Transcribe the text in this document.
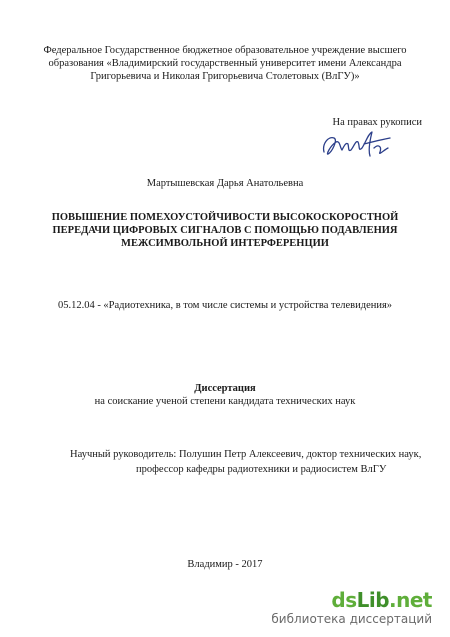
Федеральное Государственное бюджетное образовательное учреждение высшего
образования «Владимирский государственный университет имени Александра
Григорьевича и Николая Григорьевича Столетовых (ВлГУ)»
На правах рукописи
Мартышевская Дарья Анатольевна
ПОВЫШЕНИЕ ПОМЕХОУСТОЙЧИВОСТИ ВЫСОКОСКОРОСТНОЙ
ПЕРЕДАЧИ ЦИФРОВЫХ СИГНАЛОВ С ПОМОЩЬЮ ПОДАВЛЕНИЯ
МЕЖСИМВОЛЬНОЙ ИНТЕРФЕРЕНЦИИ
05.12.04 - «Радиотехника, в том числе системы и устройства телевидения»
Диссертация
на соискание ученой степени кандидата технических наук
Научный руководитель: Полушин Петр Алексеевич, доктор технических наук,
профессор кафедры радиотехники и радиосистем ВлГУ
Владимир - 2017
dsLib.net
библиотека диссертаций
